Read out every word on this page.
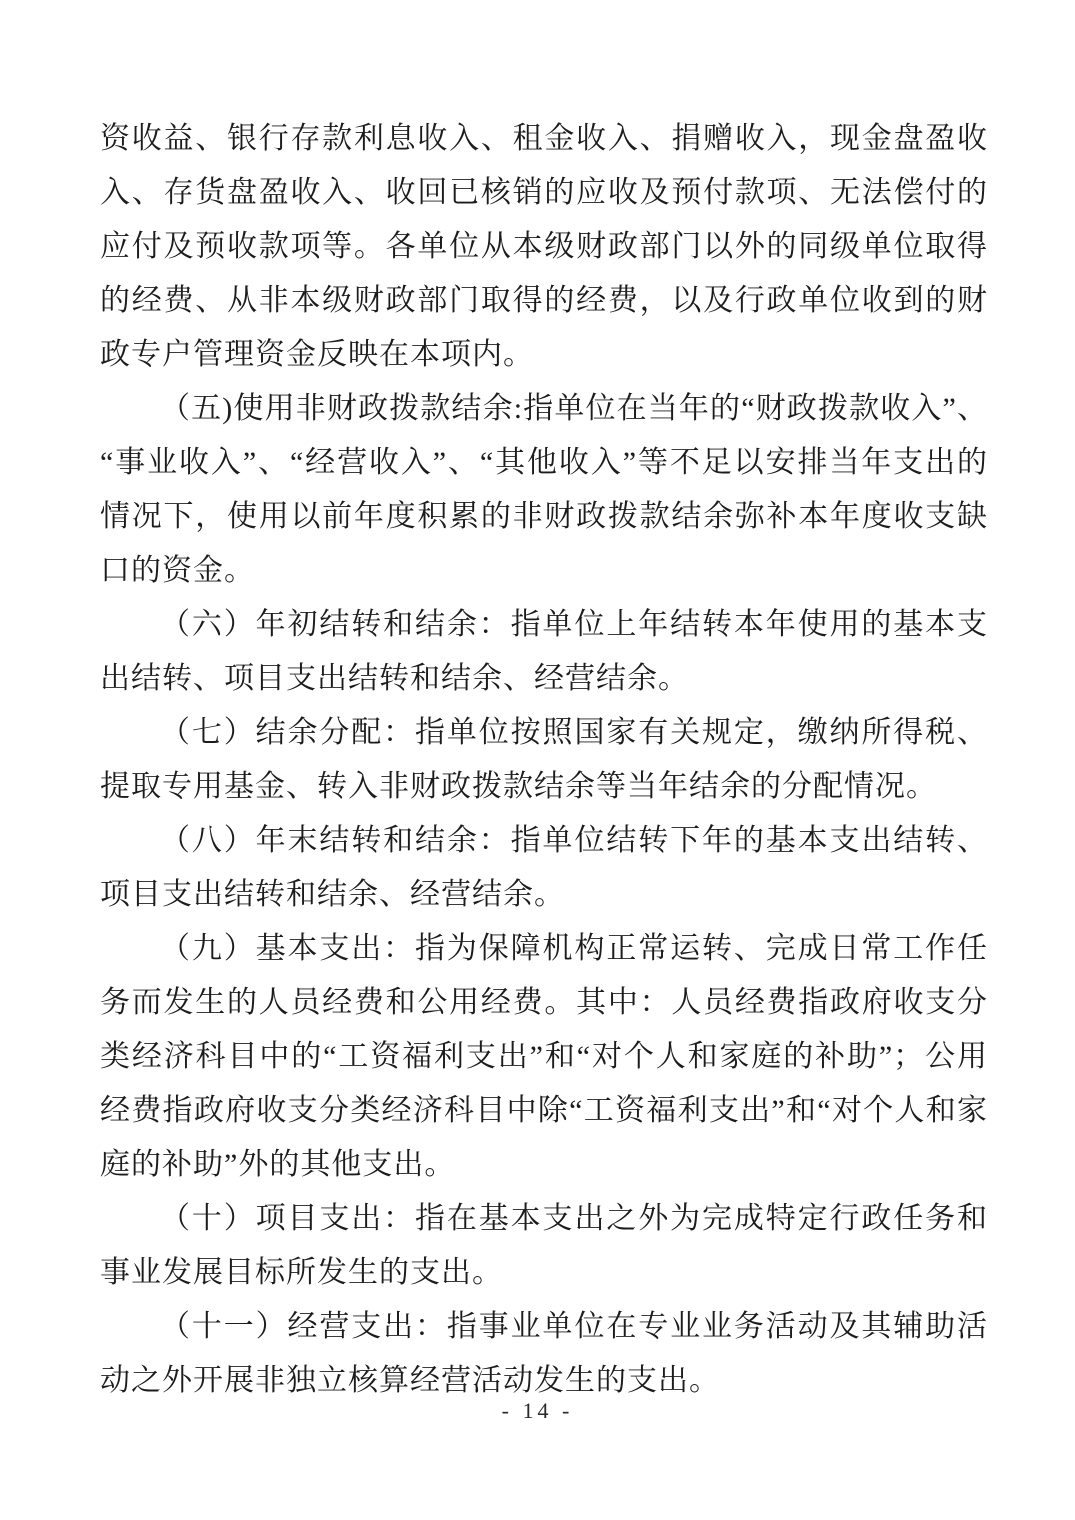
资收益、银行存款利息收入、租金收入、捐赠收入，现金盘盈收入、存货盘盈收入、收回已核销的应收及预付款项、无法偿付的应付及预收款项等。各单位从本级财政部门以外的同级单位取得的经费、从非本级财政部门取得的经费，以及行政单位收到的财政专户管理资金反映在本项内。

（五)使用非财政拨款结余:指单位在当年的“财政拨款收入”、“事业收入”、“经营收入”、“其他收入”等不足以安排当年支出的情况下，使用以前年度积累的非财政拨款结余弥补本年度收支缺口的资金。

（六）年初结转和结余：指单位上年结转本年使用的基本支出结转、项目支出结转和结余、经营结余。

（七）结余分配：指单位按照国家有关规定，缴纳所得税、提取专用基金、转入非财政拨款结余等当年结余的分配情况。

（八）年末结转和结余：指单位结转下年的基本支出结转、项目支出结转和结余、经营结余。

（九）基本支出：指为保障机构正常运转、完成日常工作任务而发生的人员经费和公用经费。其中：人员经费指政府收支分类经济科目中的“工资福利支出”和“对个人和家庭的补助”；公用经费指政府收支分类经济科目中除“工资福利支出”和“对个人和家庭的补助”外的其他支出。

（十）项目支出：指在基本支出之外为完成特定行政任务和事业发展目标所发生的支出。

（十一）经营支出：指事业单位在专业业务活动及其辅助活动之外开展非独立核算经营活动发生的支出。

- 14 -
